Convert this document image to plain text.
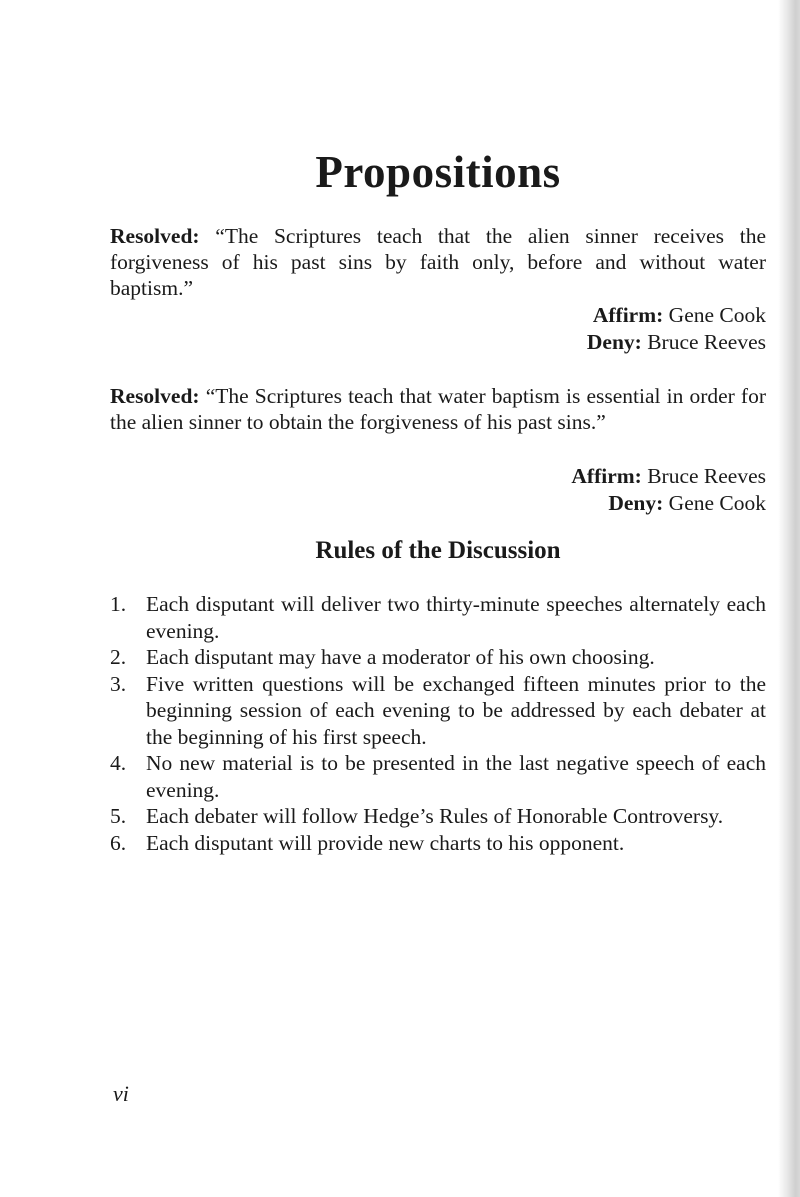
Propositions

Resolved: “The Scriptures teach that the alien sinner receives the forgiveness of his past sins by faith only, before and without water baptism.”

Affirm: Gene Cook
Deny: Bruce Reeves

Resolved: “The Scriptures teach that water baptism is essential in order for the alien sinner to obtain the forgiveness of his past sins.”

Affirm: Bruce Reeves
Deny: Gene Cook
Rules of the Discussion
1. Each disputant will deliver two thirty-minute speeches alternately each evening.
2. Each disputant may have a moderator of his own choosing.
3. Five written questions will be exchanged fifteen minutes prior to the beginning session of each evening to be addressed by each debater at the beginning of his first speech.
4. No new material is to be presented in the last negative speech of each evening.
5. Each debater will follow Hedge’s Rules of Honorable Controversy.
6. Each disputant will provide new charts to his opponent.
vi
